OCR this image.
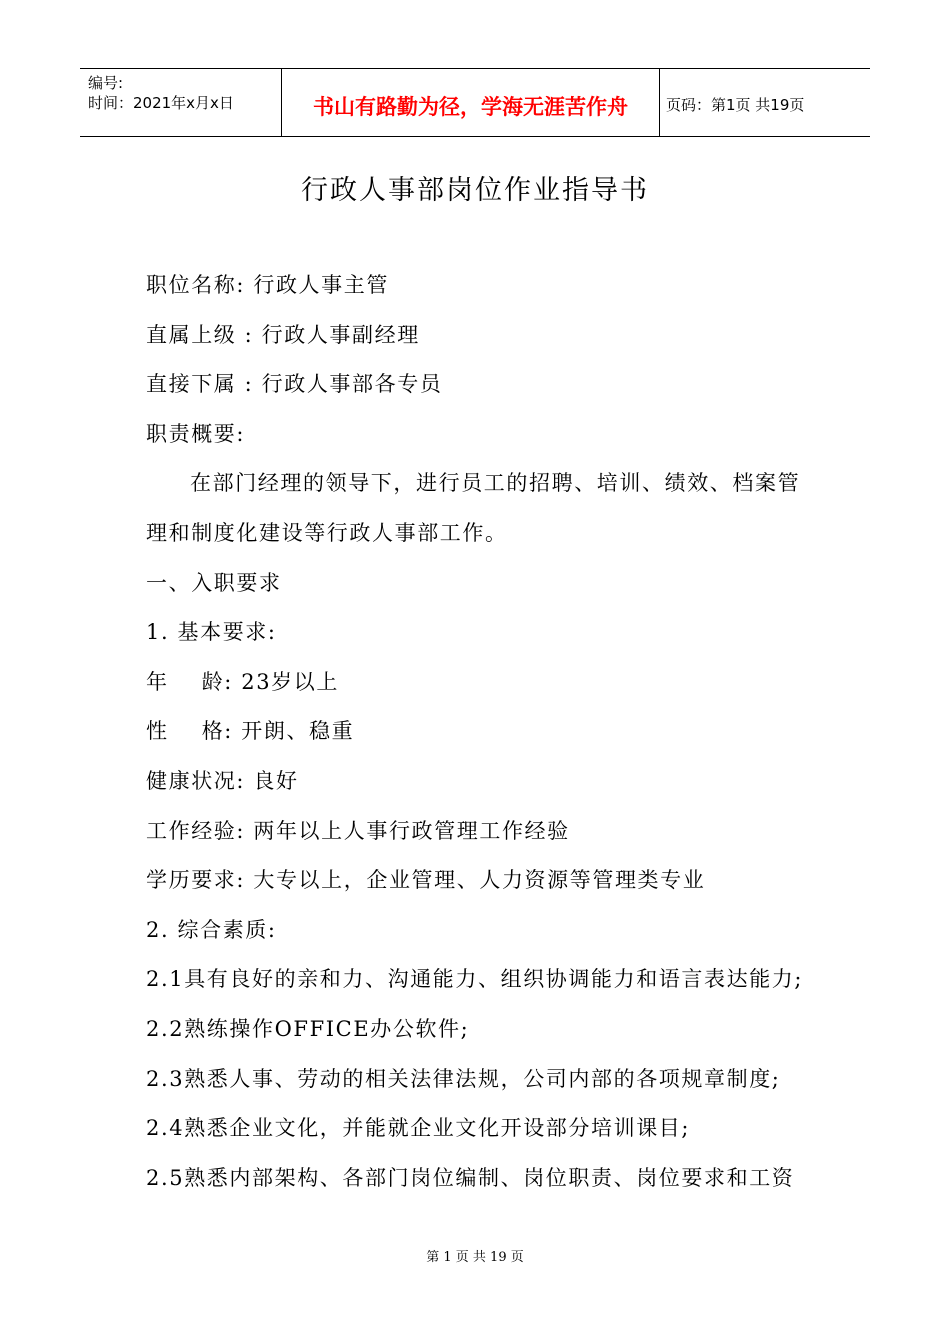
编号:
时间：2021年x月x日	书山有路勤为径，学海无涯苦作舟	页码：第1页 共19页
行政人事部岗位作业指导书
职位名称: 行政人事主管
直属上级 : 行政人事副经理
直接下属 : 行政人事部各专员
职责概要:
在部门经理的领导下，进行员工的招聘、培训、绩效、档案管
理和制度化建设等行政人事部工作。
一、入职要求
1. 基本要求:
年    龄: 23岁以上
性    格: 开朗、稳重
健康状况: 良好
工作经验: 两年以上人事行政管理工作经验
学历要求: 大专以上，企业管理、人力资源等管理类专业
2. 综合素质:
2.1具有良好的亲和力、沟通能力、组织协调能力和语言表达能力;
2.2熟练操作OFFICE办公软件;
2.3熟悉人事、劳动的相关法律法规，公司内部的各项规章制度;
2.4熟悉企业文化，并能就企业文化开设部分培训课目;
2.5熟悉内部架构、各部门岗位编制、岗位职责、岗位要求和工资
第 1 页 共 19 页
